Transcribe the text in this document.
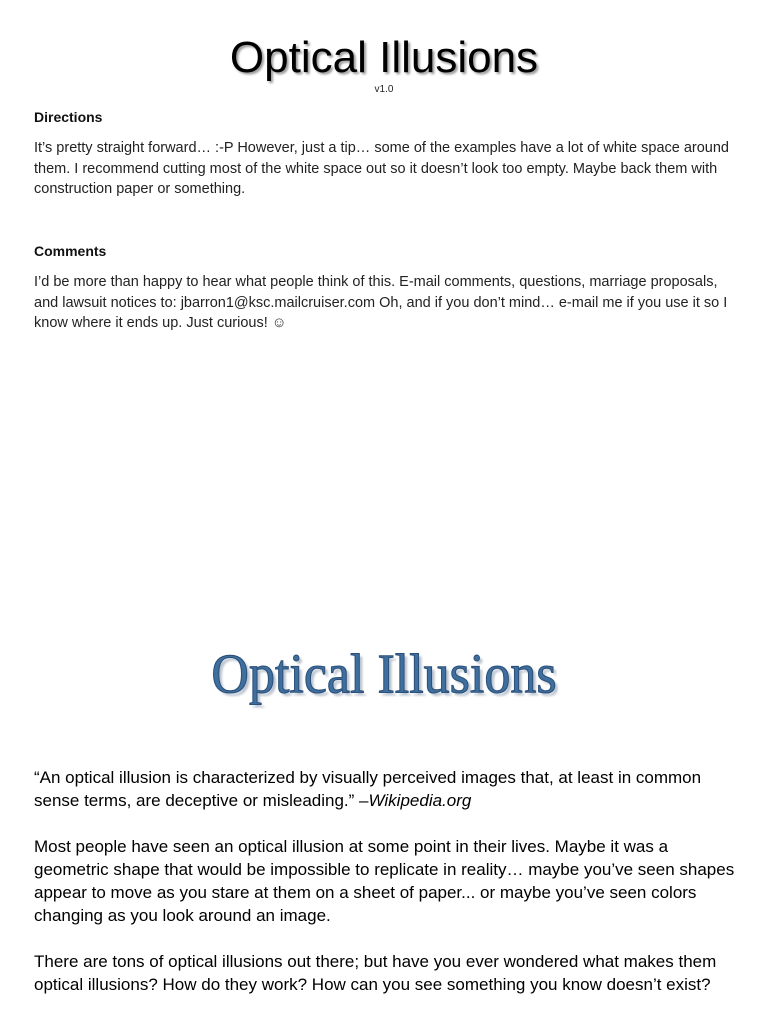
Optical Illusions
v1.0
Directions

It’s pretty straight forward… :-P However, just a tip… some of the examples have a lot of white space around them. I recommend cutting most of the white space out so it doesn’t look too empty. Maybe back them with construction paper or something.

Comments

I’d be more than happy to hear what people think of this. E-mail comments, questions, marriage proposals, and lawsuit notices to: jbarron1@ksc.mailcruiser.com Oh, and if you don’t mind… e-mail me if you use it so I know where it ends up. Just curious! ☺

Optical Illusions

“An optical illusion is characterized by visually perceived images that, at least in common sense terms, are deceptive or misleading.” –Wikipedia.org

Most people have seen an optical illusion at some point in their lives. Maybe it was a geometric shape that would be impossible to replicate in reality… maybe you’ve seen shapes appear to move as you stare at them on a sheet of paper... or maybe you’ve seen colors changing as you look around an image.

There are tons of optical illusions out there; but have you ever wondered what makes them optical illusions? How do they work? How can you see something you know doesn’t exist?
